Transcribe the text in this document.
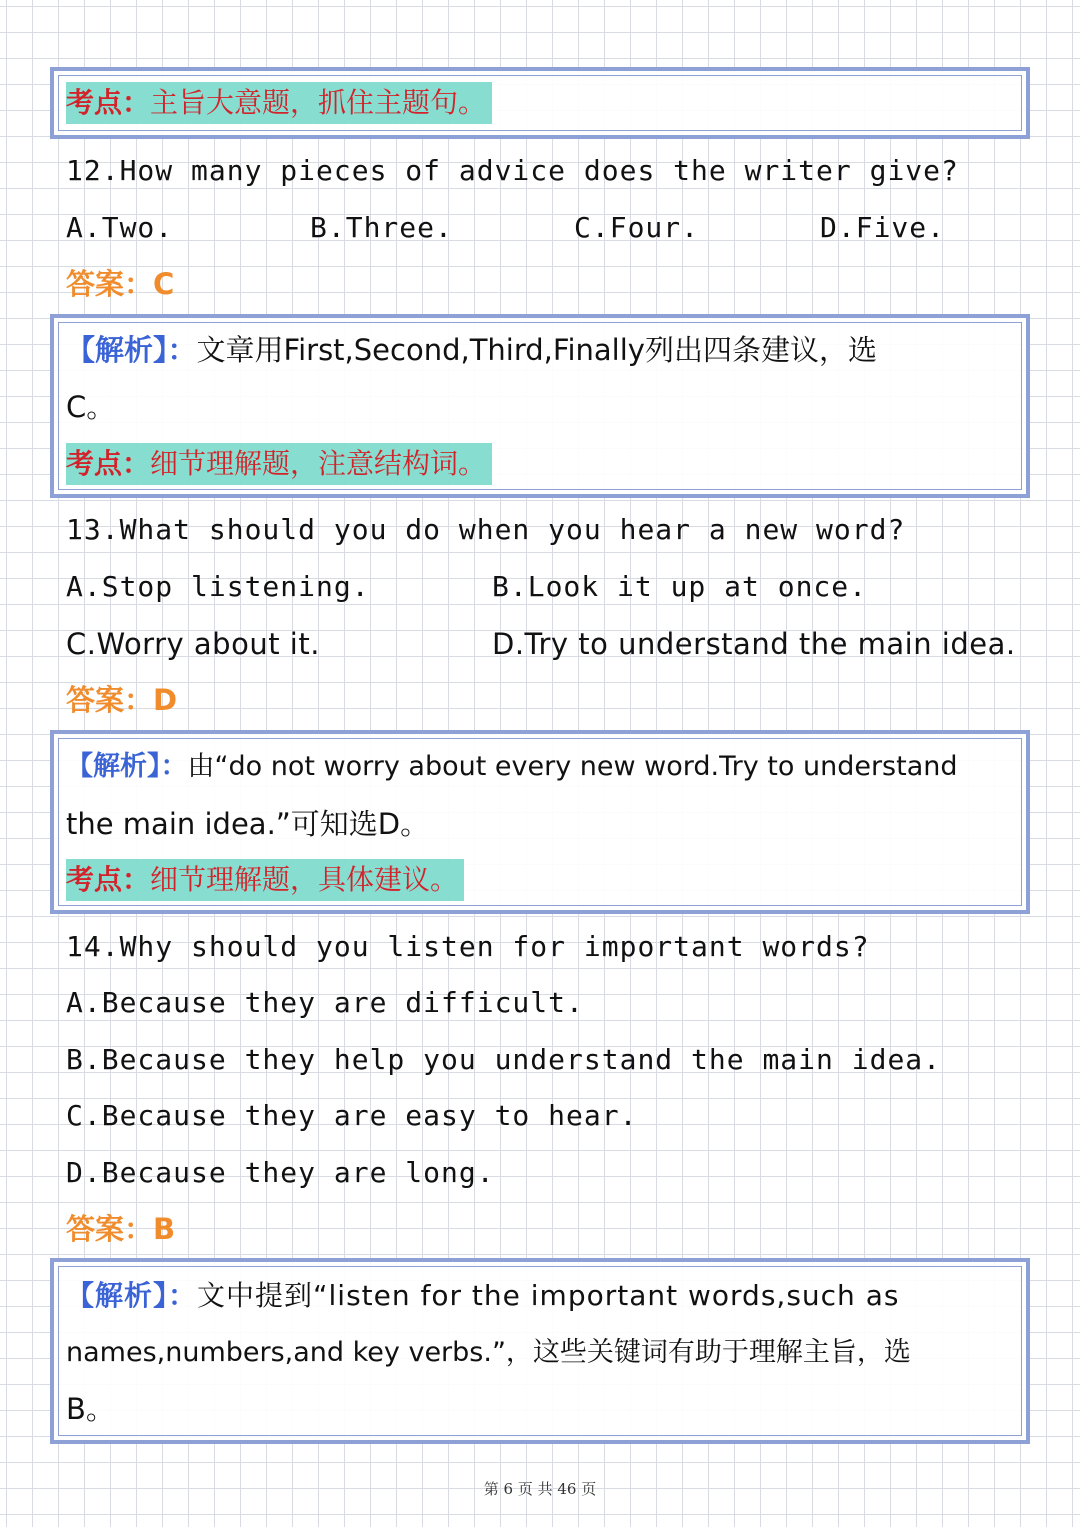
考点：主旨大意题，抓住主题句。
12.How many pieces of advice does the writer give?
A.Two.	B.Three.	C.Four.	D.Five.
答案：C
【解析】：文章用First,Second,Third,Finally列出四条建议，选
C。
考点：细节理解题，注意结构词。
13.What should you do when you hear a new word?
A.Stop listening.	B.Look it up at once.
C.Worry about it.	D.Try to understand the main idea.
答案：D
【解析】：由“do not worry about every new word.Try to understand
the main idea.”可知选D。
考点：细节理解题，具体建议。
14.Why should you listen for important words?
A.Because they are difficult.
B.Because they help you understand the main idea.
C.Because they are easy to hear.
D.Because they are long.
答案：B
【解析】：文中提到“listen for the important words,such as
names,numbers,and key verbs.”，这些关键词有助于理解主旨，选
B。
第 6 页 共 46 页
